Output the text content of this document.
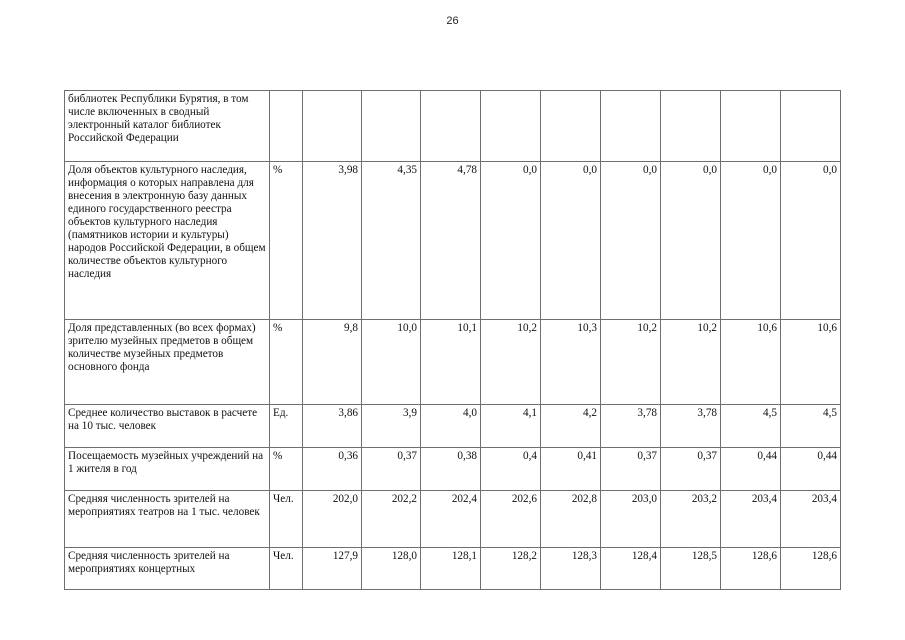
26
библиотек Республики Бурятия, в том числе включенных в сводный электронный каталог библиотек Российской Федерации										
Доля объектов культурного наследия, информация о которых направлена для внесения в электронную базу данных единого государственного реестра объектов культурного наследия (памятников истории и культуры) народов Российской Федерации, в общем количестве объектов культурного наследия	%	3,98	4,35	4,78	0,0	0,0	0,0	0,0	0,0	0,0
Доля представленных (во всех формах) зрителю музейных предметов в общем количестве музейных предметов основного фонда	%	9,8	10,0	10,1	10,2	10,3	10,2	10,2	10,6	10,6
Среднее количество выставок в расчете на 10 тыс. человек	Ед.	3,86	3,9	4,0	4,1	4,2	3,78	3,78	4,5	4,5
Посещаемость музейных учреждений на 1 жителя в год	%	0,36	0,37	0,38	0,4	0,41	0,37	0,37	0,44	0,44
Средняя численность зрителей на мероприятиях театров на 1 тыс. человек	Чел.	202,0	202,2	202,4	202,6	202,8	203,0	203,2	203,4	203,4
Средняя численность зрителей на мероприятиях концертных	Чел.	127,9	128,0	128,1	128,2	128,3	128,4	128,5	128,6	128,6
